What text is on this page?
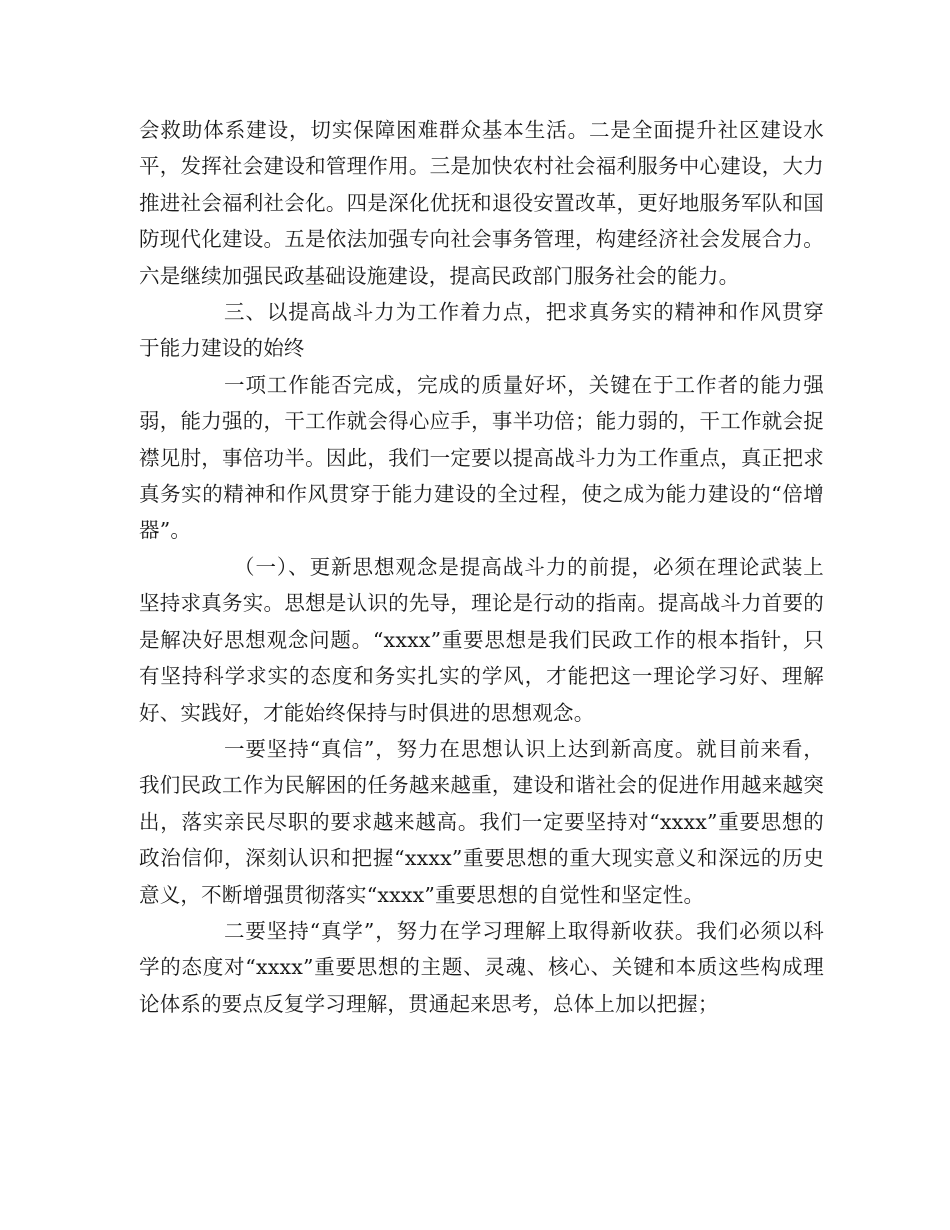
会救助体系建设，切实保障困难群众基本生活。二是全面提升社区建设水平，发挥社会建设和管理作用。三是加快农村社会福利服务中心建设，大力推进社会福利社会化。四是深化优抚和退役安置改革，更好地服务军队和国防现代化建设。五是依法加强专向社会事务管理，构建经济社会发展合力。六是继续加强民政基础设施建设，提高民政部门服务社会的能力。

三、以提高战斗力为工作着力点，把求真务实的精神和作风贯穿于能力建设的始终

一项工作能否完成，完成的质量好坏，关键在于工作者的能力强弱，能力强的，干工作就会得心应手，事半功倍；能力弱的，干工作就会捉襟见肘，事倍功半。因此，我们一定要以提高战斗力为工作重点，真正把求真务实的精神和作风贯穿于能力建设的全过程，使之成为能力建设的“倍增器”。

（一）、更新思想观念是提高战斗力的前提，必须在理论武装上坚持求真务实。思想是认识的先导，理论是行动的指南。提高战斗力首要的是解决好思想观念问题。“xxxx”重要思想是我们民政工作的根本指针，只有坚持科学求实的态度和务实扎实的学风，才能把这一理论学习好、理解好、实践好，才能始终保持与时俱进的思想观念。

一要坚持“真信”，努力在思想认识上达到新高度。就目前来看，我们民政工作为民解困的任务越来越重，建设和谐社会的促进作用越来越突出，落实亲民尽职的要求越来越高。我们一定要坚持对“xxxx”重要思想的政治信仰，深刻认识和把握“xxxx”重要思想的重大现实意义和深远的历史意义，不断增强贯彻落实“xxxx”重要思想的自觉性和坚定性。

二要坚持“真学”，努力在学习理解上取得新收获。我们必须以科学的态度对“xxxx”重要思想的主题、灵魂、核心、关键和本质这些构成理论体系的要点反复学习理解，贯通起来思考，总体上加以把握；
